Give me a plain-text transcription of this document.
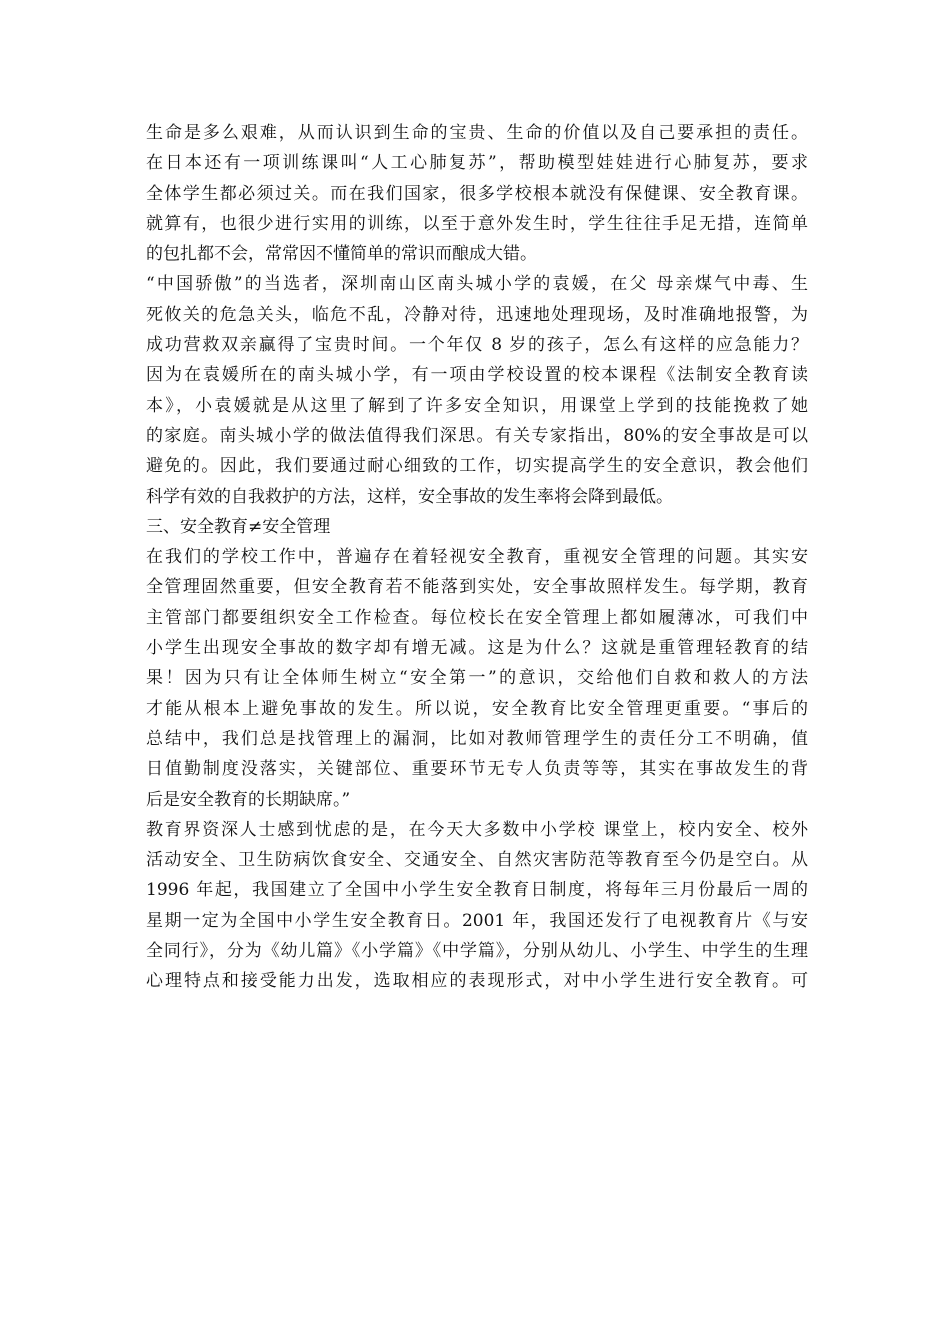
生命是多么艰难，从而认识到生命的宝贵、生命的价值以及自己要承担的责任。
在日本还有一项训练课叫“人工心肺复苏”，帮助模型娃娃进行心肺复苏，要求
全体学生都必须过关。而在我们国家，很多学校根本就没有保健课、安全教育课。
就算有，也很少进行实用的训练，以至于意外发生时，学生往往手足无措，连简单
的包扎都不会，常常因不懂简单的常识而酿成大错。
“中国骄傲”的当选者，深圳南山区南头城小学的袁媛，在父 母亲煤气中毒、生
死攸关的危急关头，临危不乱，冷静对待，迅速地处理现场，及时准确地报警，为
成功营救双亲赢得了宝贵时间。一个年仅 8 岁的孩子，怎么有这样的应急能力？
因为在袁媛所在的南头城小学，有一项由学校设置的校本课程《法制安全教育读
本》，小袁媛就是从这里了解到了许多安全知识，用课堂上学到的技能挽救了她
的家庭。南头城小学的做法值得我们深思。有关专家指出，80%的安全事故是可以
避免的。因此，我们要通过耐心细致的工作，切实提高学生的安全意识，教会他们
科学有效的自我救护的方法，这样，安全事故的发生率将会降到最低。
三、安全教育≠安全管理
在我们的学校工作中，普遍存在着轻视安全教育，重视安全管理的问题。其实安
全管理固然重要，但安全教育若不能落到实处，安全事故照样发生。每学期，教育
主管部门都要组织安全工作检查。每位校长在安全管理上都如履薄冰，可我们中
小学生出现安全事故的数字却有增无减。这是为什么？这就是重管理轻教育的结
果！因为只有让全体师生树立“安全第一”的意识，交给他们自救和救人的方法
才能从根本上避免事故的发生。所以说，安全教育比安全管理更重要。“事后的
总结中，我们总是找管理上的漏洞，比如对教师管理学生的责任分工不明确，值
日值勤制度没落实，关键部位、重要环节无专人负责等等，其实在事故发生的背
后是安全教育的长期缺席。”
教育界资深人士感到忧虑的是，在今天大多数中小学校 课堂上，校内安全、校外
活动安全、卫生防病饮食安全、交通安全、自然灾害防范等教育至今仍是空白。从
1996 年起，我国建立了全国中小学生安全教育日制度，将每年三月份最后一周的
星期一定为全国中小学生安全教育日。2001 年，我国还发行了电视教育片《与安
全同行》，分为《幼儿篇》《小学篇》《中学篇》，分别从幼儿、小学生、中学生的生理
心理特点和接受能力出发，选取相应的表现形式，对中小学生进行安全教育。可
